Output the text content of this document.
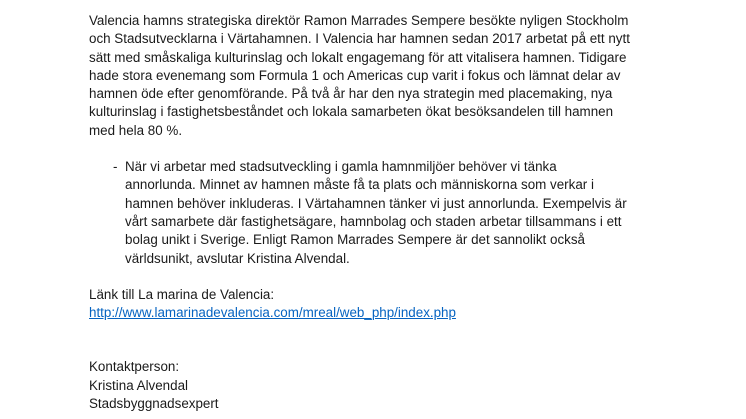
Valencia hamns strategiska direktör Ramon Marrades Sempere besökte nyligen Stockholm
och Stadsutvecklarna i Värtahamnen. I Valencia har hamnen sedan 2017 arbetat på ett nytt
sätt med småskaliga kulturinslag och lokalt engagemang för att vitalisera hamnen. Tidigare
hade stora evenemang som Formula 1 och Americas cup varit i fokus och lämnat delar av
hamnen öde efter genomförande. På två år har den nya strategin med placemaking, nya
kulturinslag i fastighetsbeståndet och lokala samarbeten ökat besöksandelen till hamnen
med hela 80 %.

- När vi arbetar med stadsutveckling i gamla hamnmiljöer behöver vi tänka
annorlunda. Minnet av hamnen måste få ta plats och människorna som verkar i
hamnen behöver inkluderas. I Värtahamnen tänker vi just annorlunda. Exempelvis är
vårt samarbete där fastighetsägare, hamnbolag och staden arbetar tillsammans i ett
bolag unikt i Sverige. Enligt Ramon Marrades Sempere är det sannolikt också
världsunikt, avslutar Kristina Alvendal.
Länk till La marina de Valencia:
http://www.lamarinadevalencia.com/mreal/web_php/index.php
Kontaktperson:
Kristina Alvendal
Stadsbyggnadsexpert
